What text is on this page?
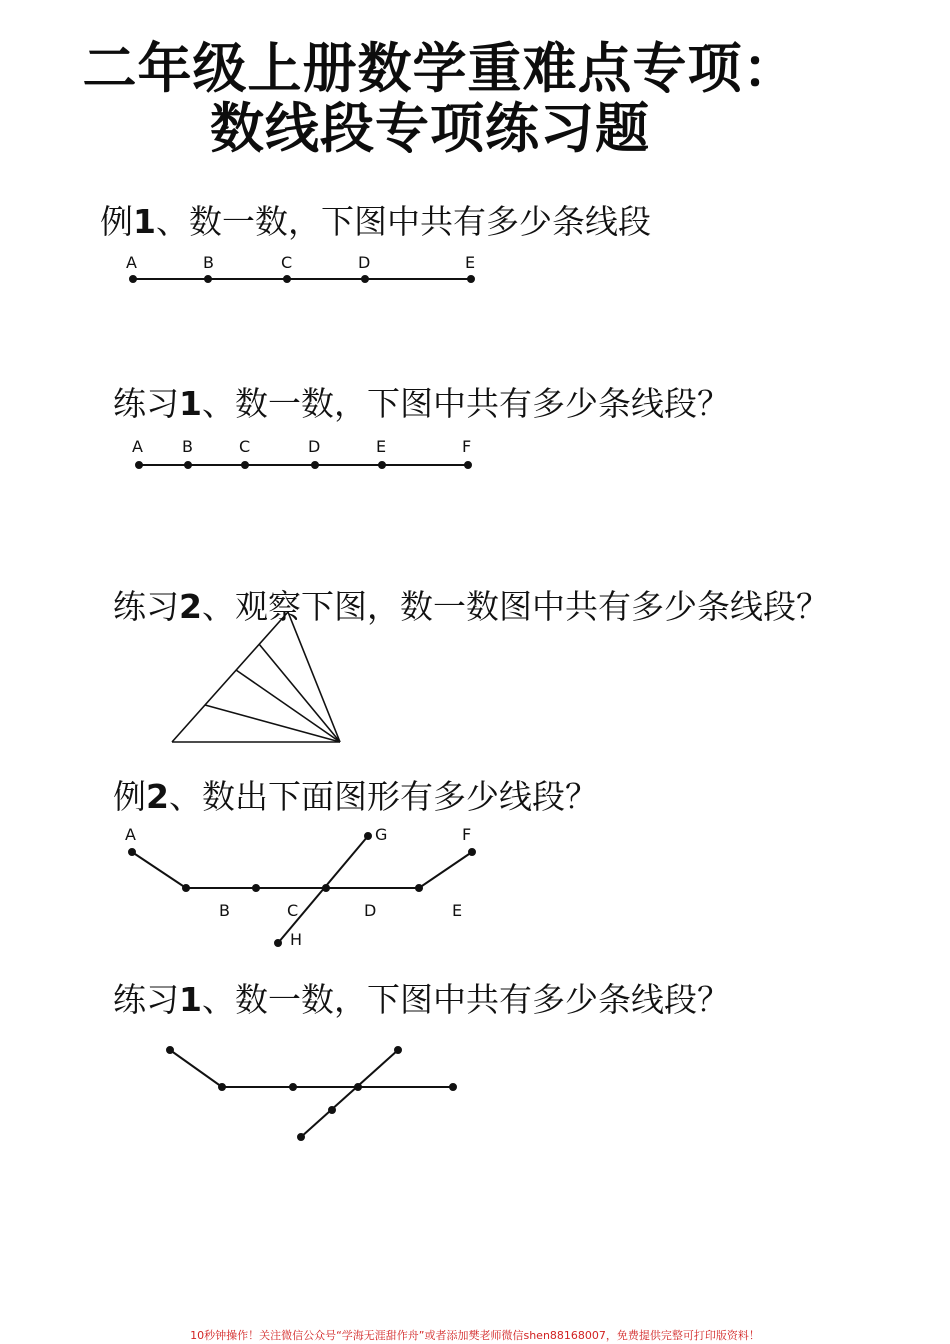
二年级上册数学重难点专项：
数线段专项练习题
例1、数一数，下图中共有多少条线段
练习1、数一数，下图中共有多少条线段？
练习2、观察下图，数一数图中共有多少条线段？
例2、数出下面图形有多少线段？
练习1、数一数，下图中共有多少条线段？
A	B	C	D	E
A B	C	D	E	F
A	G	F
B	C	D	E
H
10秒钟操作！关注微信公众号“学海无涯甜作舟”或者添加樊老师微信shen88168007，免费提供完整可打印版资料！
